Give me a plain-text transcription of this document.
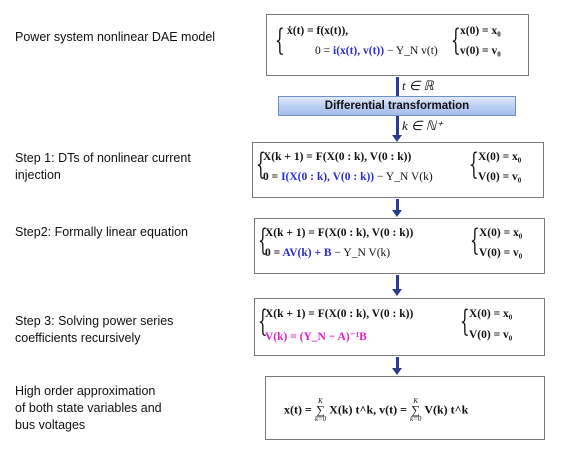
Power system nonlinear DAE model
Step 1: DTs of nonlinear current
injection
Step2: Formally linear equation
Step 3: Solving power series
coefficients recursively
High order approximation
of both state variables and
bus voltages
{ ẋ(t) = f(x(t)),
0 = i(x(t), v(t)) − Y_N v(t) { x(0) = x₀
v(0) = v₀
t ∈ ℝ
Differential transformation
k ∈ ℕ⁺
{
X(k + 1) = F(X(0 : k), V(0 : k))
0 = I(X(0 : k), V(0 : k)) − Y_N V(k) { X(0) = x₀
V(0) = v₀
{
X(k + 1) = F(X(0 : k), V(0 : k))
0 = AV(k) + B − Y_N V(k)	{ X(0) = x₀
V(0) = v₀
{
X(k + 1) = F(X(0 : k), V(0 : k))
V(k) = (Y_N − A)⁻¹B	{ X(0) = x₀
V(0) = v₀
x(t) =
K
∑
k=0
X(k) t^k, v(t) =
K
∑
k=0
V(k) t^k
